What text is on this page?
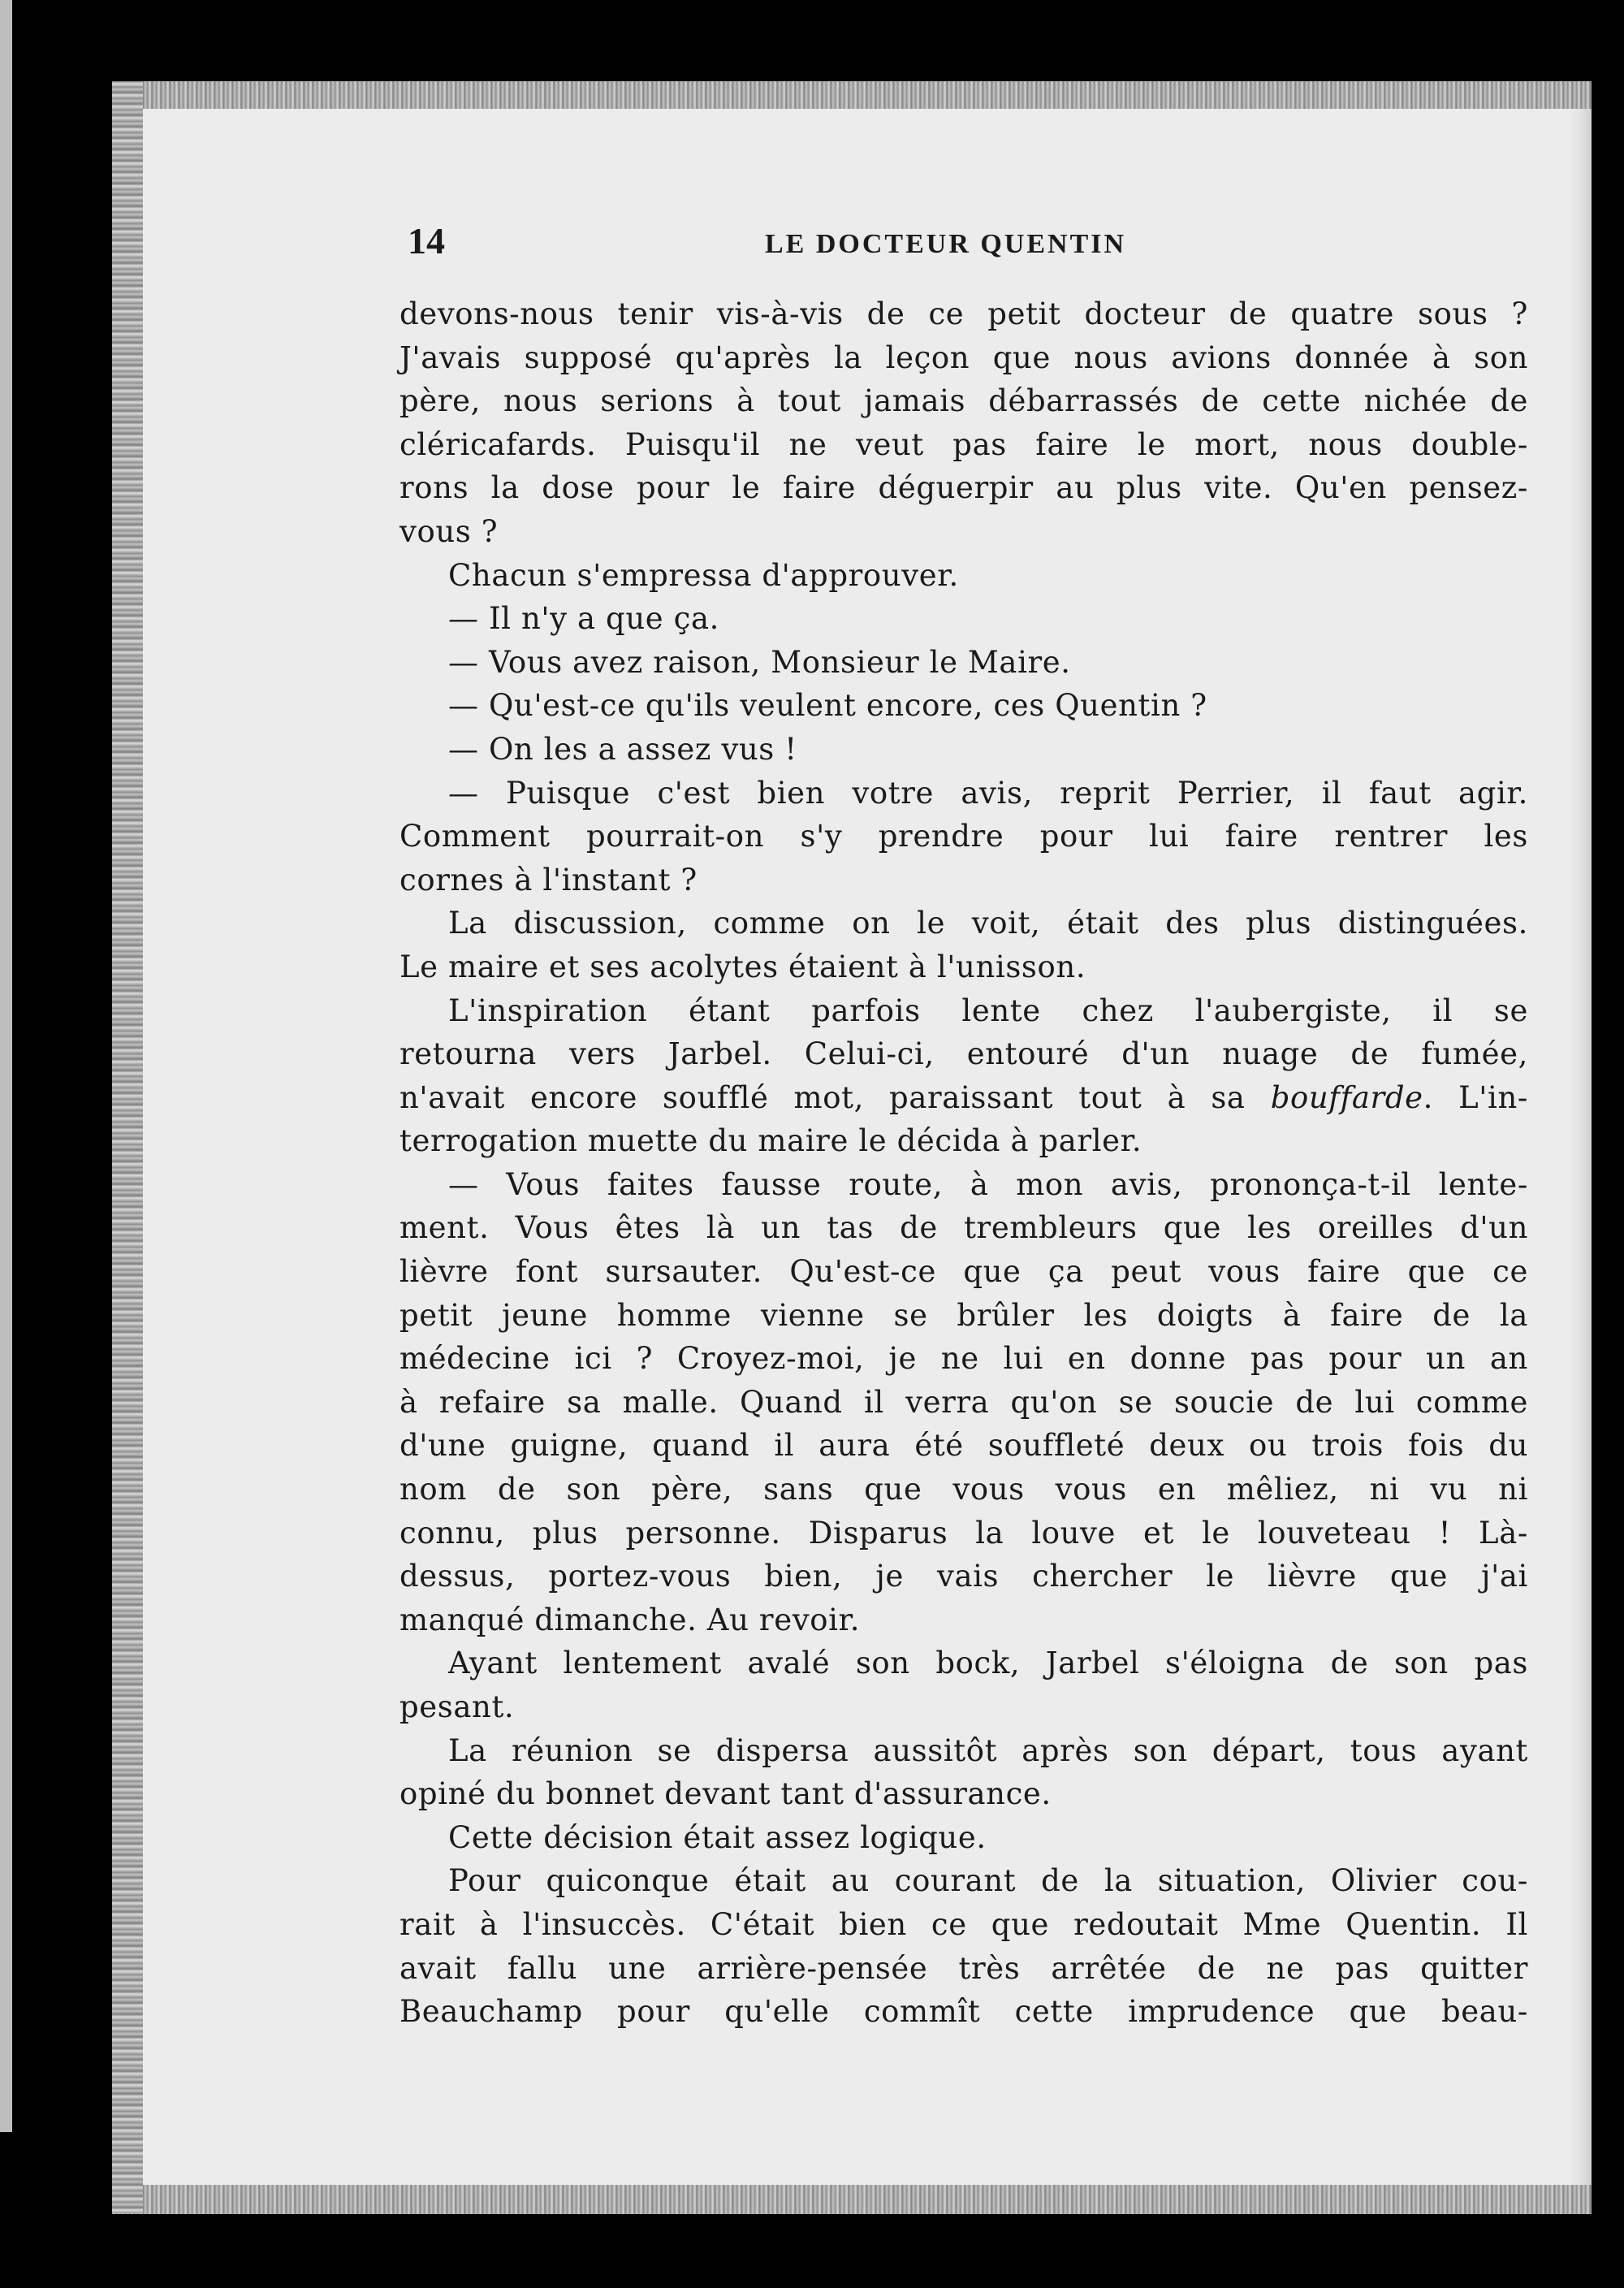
14	LE DOCTEUR QUENTIN
devons-nous tenir vis-à-vis de ce petit docteur de quatre sous ?
J'avais supposé qu'après la leçon que nous avions donnée à son
père, nous serions à tout jamais débarrassés de cette nichée de
cléricafards. Puisqu'il ne veut pas faire le mort, nous double-
rons la dose pour le faire déguerpir au plus vite. Qu'en pensez-
vous ?
Chacun s'empressa d'approuver.
— Il n'y a que ça.
— Vous avez raison, Monsieur le Maire.
— Qu'est-ce qu'ils veulent encore, ces Quentin ?
— On les a assez vus !
— Puisque c'est bien votre avis, reprit Perrier, il faut agir.
Comment pourrait-on s'y prendre pour lui faire rentrer les
cornes à l'instant ?
La discussion, comme on le voit, était des plus distinguées.
Le maire et ses acolytes étaient à l'unisson.
L'inspiration étant parfois lente chez l'aubergiste, il se
retourna vers Jarbel. Celui-ci, entouré d'un nuage de fumée,
n'avait encore soufflé mot, paraissant tout à sa bouffarde. L'in-
terrogation muette du maire le décida à parler.
— Vous faites fausse route, à mon avis, prononça-t-il lente-
ment. Vous êtes là un tas de trembleurs que les oreilles d'un
lièvre font sursauter. Qu'est-ce que ça peut vous faire que ce
petit jeune homme vienne se brûler les doigts à faire de la
médecine ici ? Croyez-moi, je ne lui en donne pas pour un an
à refaire sa malle. Quand il verra qu'on se soucie de lui comme
d'une guigne, quand il aura été souffleté deux ou trois fois du
nom de son père, sans que vous vous en mêliez, ni vu ni
connu, plus personne. Disparus la louve et le louveteau ! Là-
dessus, portez-vous bien, je vais chercher le lièvre que j'ai
manqué dimanche. Au revoir.
Ayant lentement avalé son bock, Jarbel s'éloigna de son pas
pesant.
La réunion se dispersa aussitôt après son départ, tous ayant
opiné du bonnet devant tant d'assurance.
Cette décision était assez logique.
Pour quiconque était au courant de la situation, Olivier cou-
rait à l'insuccès. C'était bien ce que redoutait Mme Quentin. Il
avait fallu une arrière-pensée très arrêtée de ne pas quitter
Beauchamp pour qu'elle commît cette imprudence que beau-
